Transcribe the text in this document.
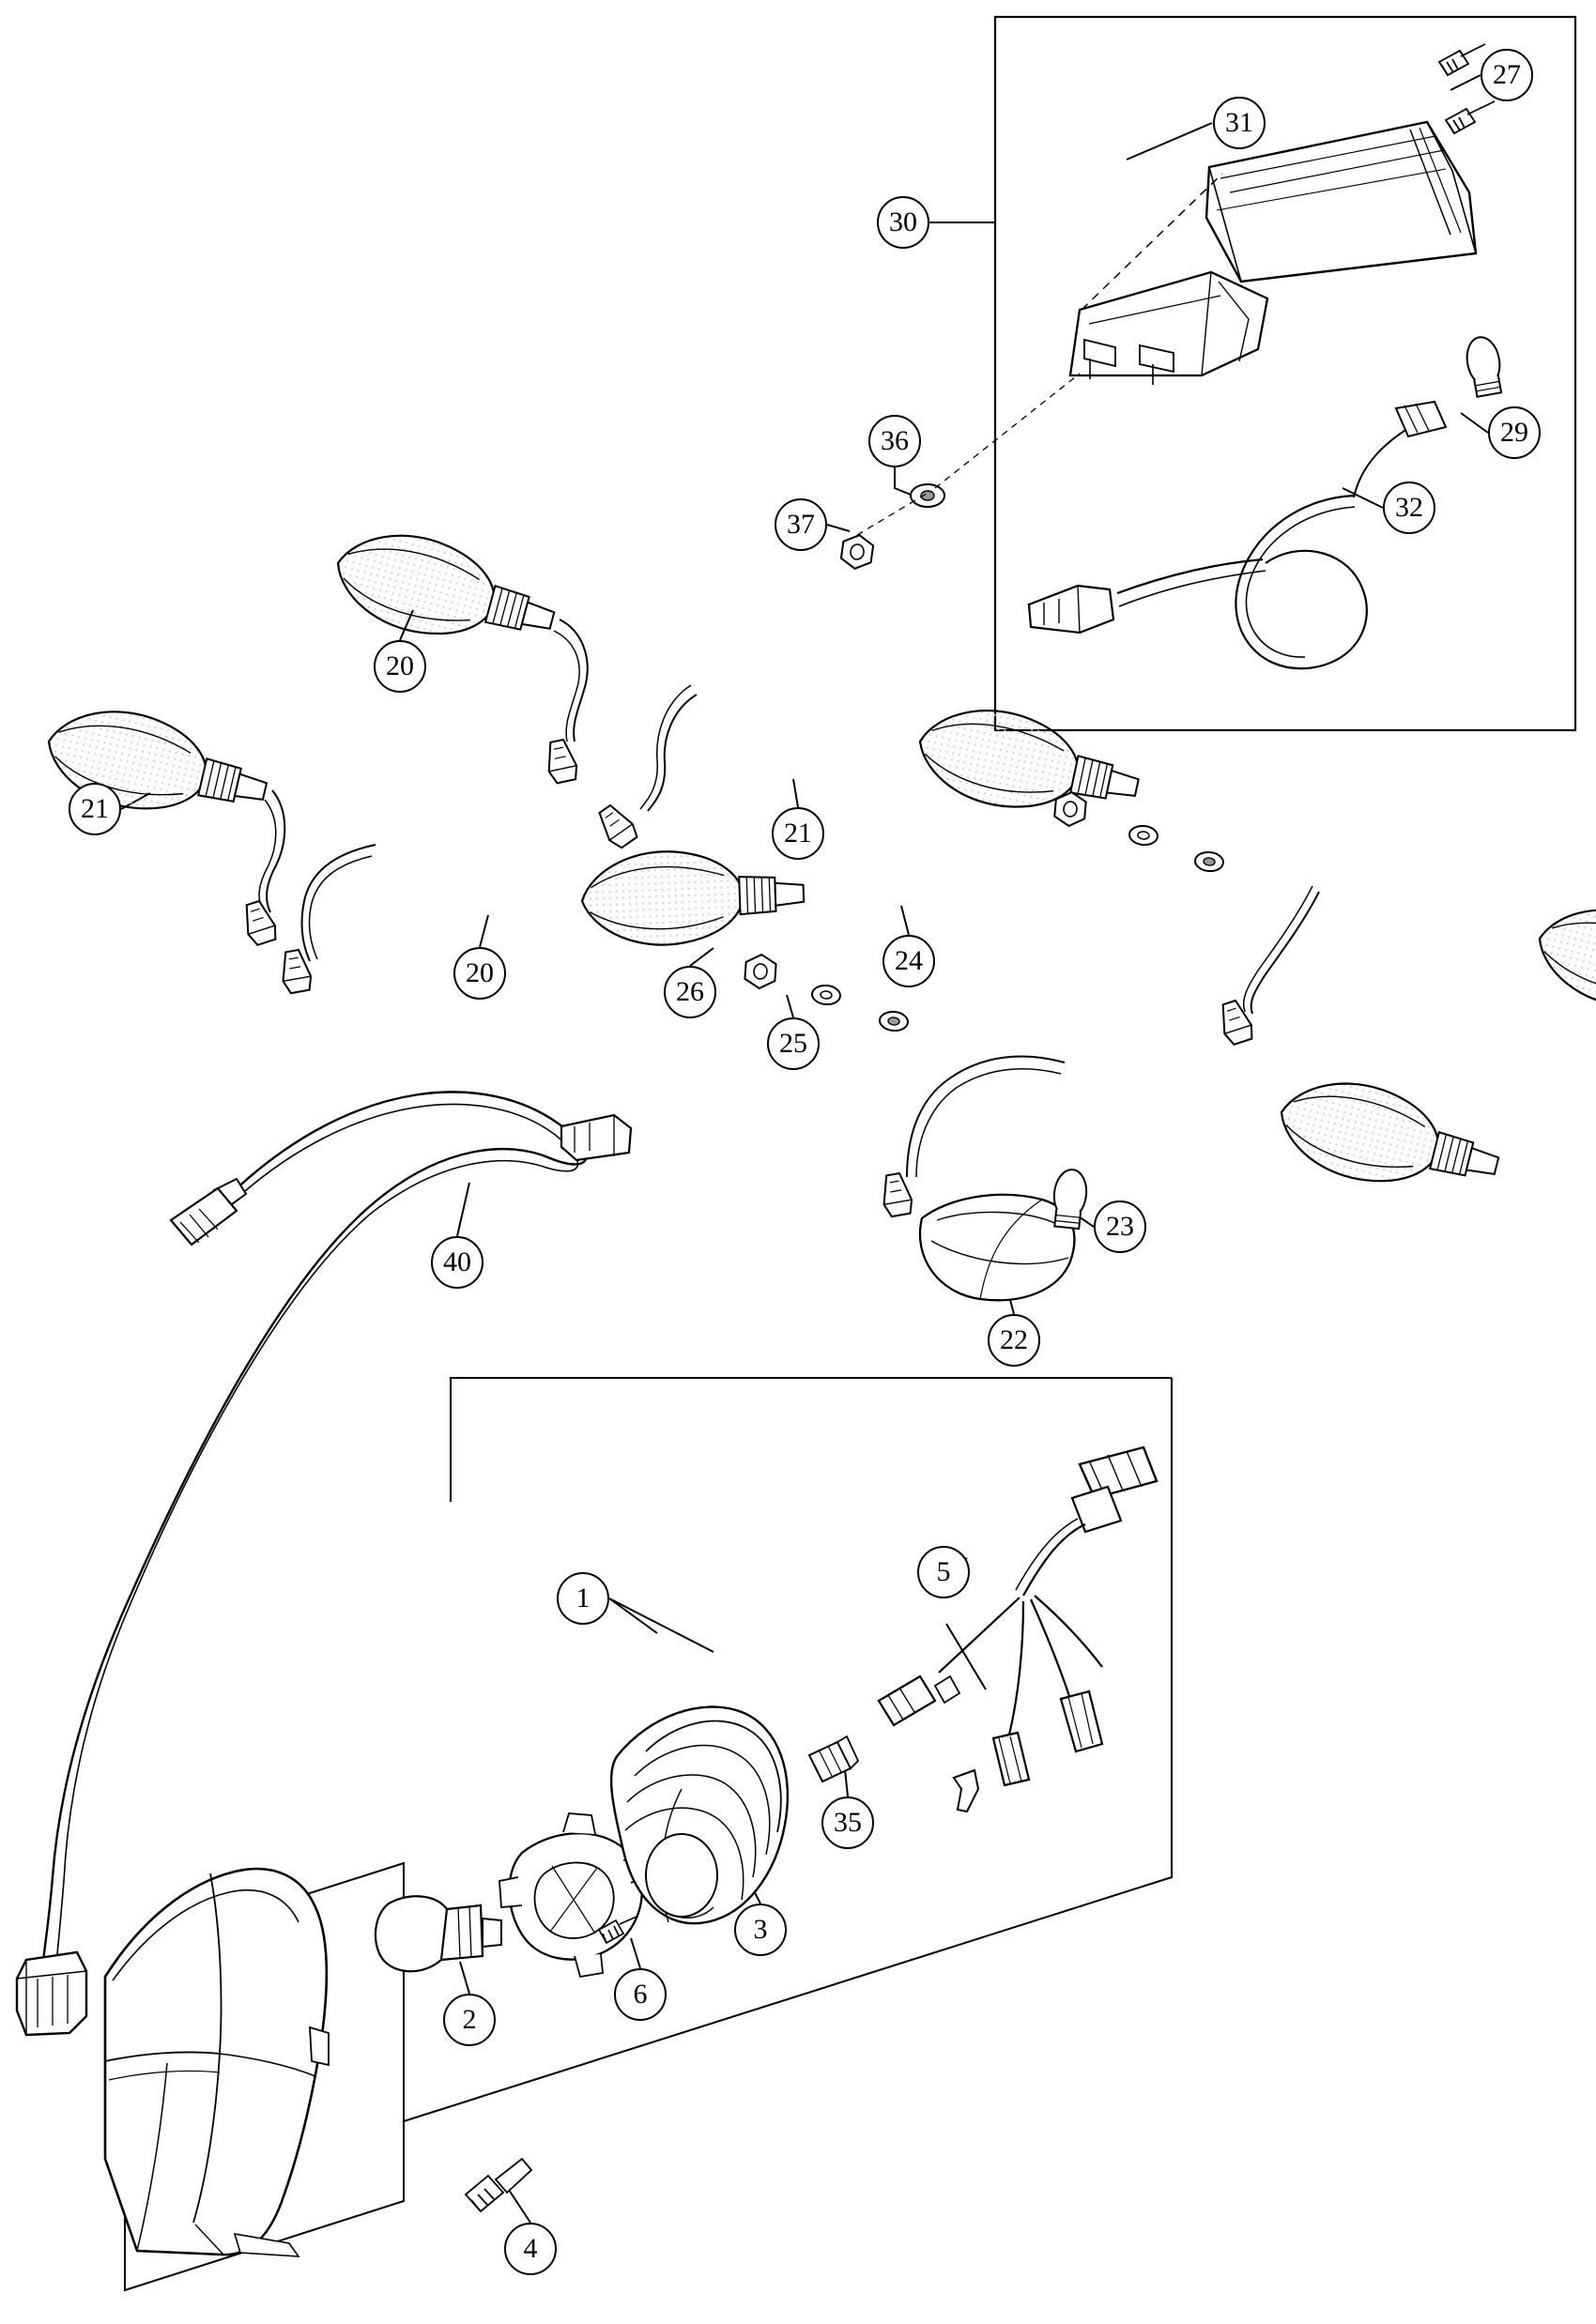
30
31
27
29
32
36
37
20
21
21
20
26
25
24
23
22
40
1
5
35
3
6
2
4
